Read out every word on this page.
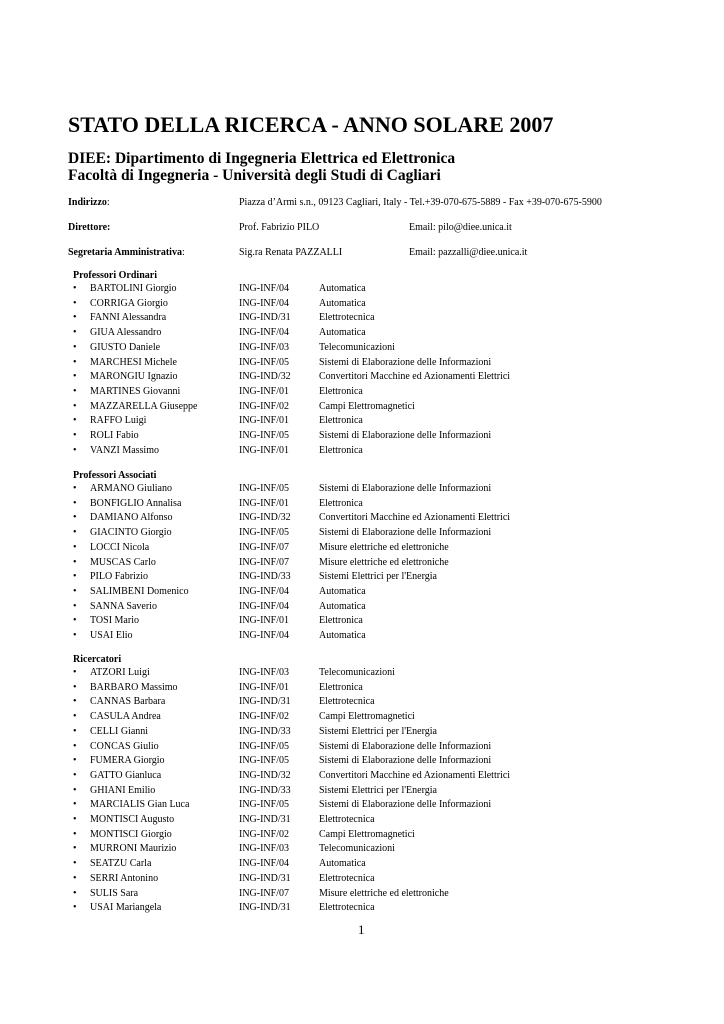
STATO DELLA RICERCA - ANNO SOLARE 2007
DIEE: Dipartimento di Ingegneria Elettrica ed Elettronica
Facoltà di Ingegneria - Università degli Studi di Cagliari
Indirizzo:	Piazza d’Armi s.n., 09123 Cagliari, Italy - Tel.+39-070-675-5889 - Fax +39-070-675-5900
Direttore:	Prof. Fabrizio PILO	Email: pilo@diee.unica.it
Segretaria Amministrativa:	Sig.ra Renata PAZZALLI	Email: pazzalli@diee.unica.it
Professori Ordinari
• BARTOLINI Giorgio	ING-INF/04	Automatica
• CORRIGA Giorgio	ING-INF/04	Automatica
• FANNI Alessandra	ING-IND/31	Elettrotecnica
• GIUA Alessandro	ING-INF/04	Automatica
• GIUSTO Daniele	ING-INF/03	Telecomunicazioni
• MARCHESI Michele	ING-INF/05	Sistemi di Elaborazione delle Informazioni
• MARONGIU Ignazio	ING-IND/32	Convertitori Macchine ed Azionamenti Elettrici
• MARTINES Giovanni	ING-INF/01	Elettronica
• MAZZARELLA Giuseppe	ING-INF/02	Campi Elettromagnetici
• RAFFO Luigi	ING-INF/01	Elettronica
• ROLI Fabio	ING-INF/05	Sistemi di Elaborazione delle Informazioni
• VANZI Massimo	ING-INF/01	Elettronica
Professori Associati
• ARMANO Giuliano	ING-INF/05	Sistemi di Elaborazione delle Informazioni
• BONFIGLIO Annalisa	ING-INF/01	Elettronica
• DAMIANO Alfonso	ING-IND/32	Convertitori Macchine ed Azionamenti Elettrici
• GIACINTO Giorgio	ING-INF/05	Sistemi di Elaborazione delle Informazioni
• LOCCI Nicola	ING-INF/07	Misure elettriche ed elettroniche
• MUSCAS Carlo	ING-INF/07	Misure elettriche ed elettroniche
• PILO Fabrizio	ING-IND/33	Sistemi Elettrici per l'Energia
• SALIMBENI Domenico	ING-INF/04	Automatica
• SANNA Saverio	ING-INF/04	Automatica
• TOSI Mario	ING-INF/01	Elettronica
• USAI Elio	ING-INF/04	Automatica
Ricercatori
• ATZORI Luigi	ING-INF/03	Telecomunicazioni
• BARBARO Massimo	ING-INF/01	Elettronica
• CANNAS Barbara	ING-IND/31	Elettrotecnica
• CASULA Andrea	ING-INF/02	Campi Elettromagnetici
• CELLI Gianni	ING-IND/33	Sistemi Elettrici per l'Energia
• CONCAS Giulio	ING-INF/05	Sistemi di Elaborazione delle Informazioni
• FUMERA Giorgio	ING-INF/05	Sistemi di Elaborazione delle Informazioni
• GATTO Gianluca	ING-IND/32	Convertitori Macchine ed Azionamenti Elettrici
• GHIANI Emilio	ING-IND/33	Sistemi Elettrici per l'Energia
• MARCIALIS Gian Luca	ING-INF/05	Sistemi di Elaborazione delle Informazioni
• MONTISCI Augusto	ING-IND/31	Elettrotecnica
• MONTISCI Giorgio	ING-INF/02	Campi Elettromagnetici
• MURRONI Maurizio	ING-INF/03	Telecomunicazioni
• SEATZU Carla	ING-INF/04	Automatica
• SERRI Antonino	ING-IND/31	Elettrotecnica
• SULIS Sara	ING-INF/07	Misure elettriche ed elettroniche
• USAI Mariangela	ING-IND/31	Elettrotecnica
1
